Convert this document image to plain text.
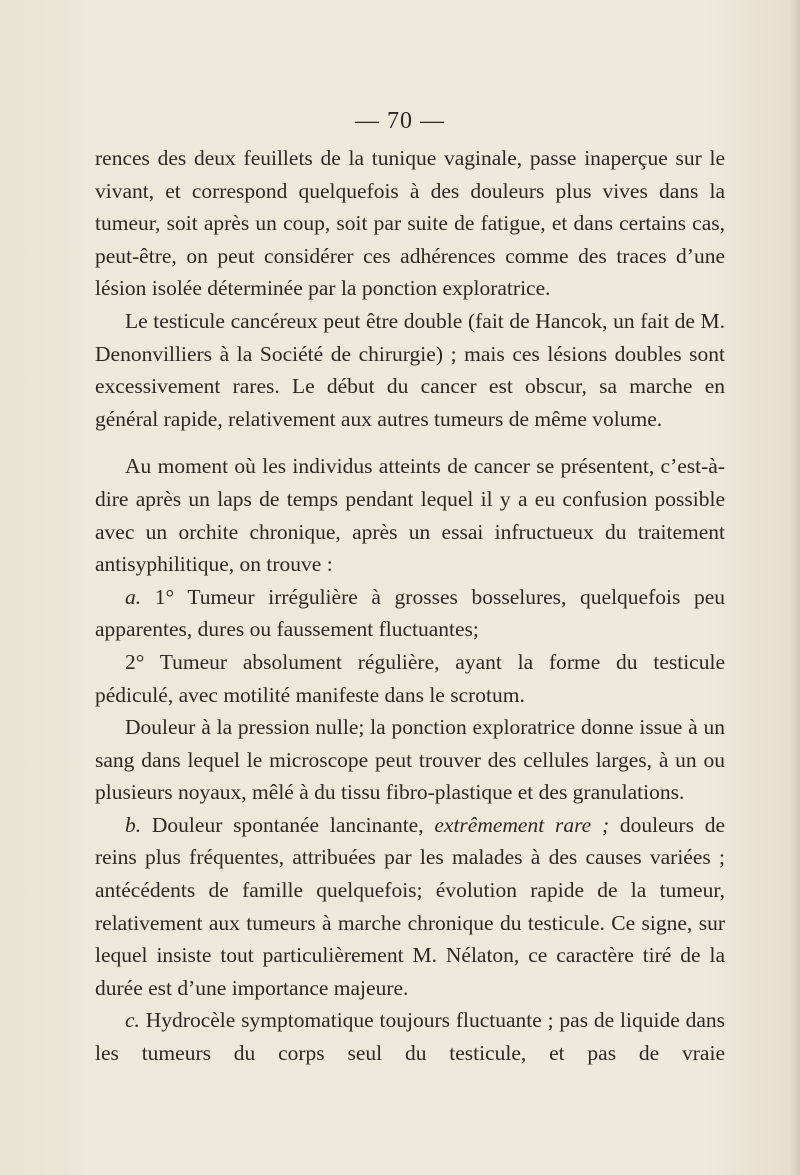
— 70 —

rences des deux feuillets de la tunique vaginale, passe inaperçue sur le vivant, et correspond quelquefois à des douleurs plus vives dans la tumeur, soit après un coup, soit par suite de fatigue, et dans certains cas, peut-être, on peut considérer ces adhérences comme des traces d’une lésion isolée déterminée par la ponction exploratrice.

Le testicule cancéreux peut être double (fait de Hancok, un fait de M. Denonvilliers à la Société de chirurgie) ; mais ces lésions doubles sont excessivement rares. Le début du cancer est obscur, sa marche en général rapide, relativement aux autres tumeurs de même volume.

Au moment où les individus atteints de cancer se présentent, c’est-à-dire après un laps de temps pendant lequel il y a eu confusion possible avec un orchite chronique, après un essai infructueux du traitement antisyphilitique, on trouve :

a. 1° Tumeur irrégulière à grosses bosselures, quelquefois peu apparentes, dures ou faussement fluctuantes;

2° Tumeur absolument régulière, ayant la forme du testicule pédiculé, avec motilité manifeste dans le scrotum.

Douleur à la pression nulle; la ponction exploratrice donne issue à un sang dans lequel le microscope peut trouver des cellules larges, à un ou plusieurs noyaux, mêlé à du tissu fibro-plastique et des granulations.

b. Douleur spontanée lancinante, extrêmement rare ; douleurs de reins plus fréquentes, attribuées par les malades à des causes variées ; antécédents de famille quelquefois; évolution rapide de la tumeur, relativement aux tumeurs à marche chronique du testicule. Ce signe, sur lequel insiste tout particulièrement M. Nélaton, ce caractère tiré de la durée est d’une importance majeure.

c. Hydrocèle symptomatique toujours fluctuante ; pas de liquide dans les tumeurs du corps seul du testicule, et pas de vraie
